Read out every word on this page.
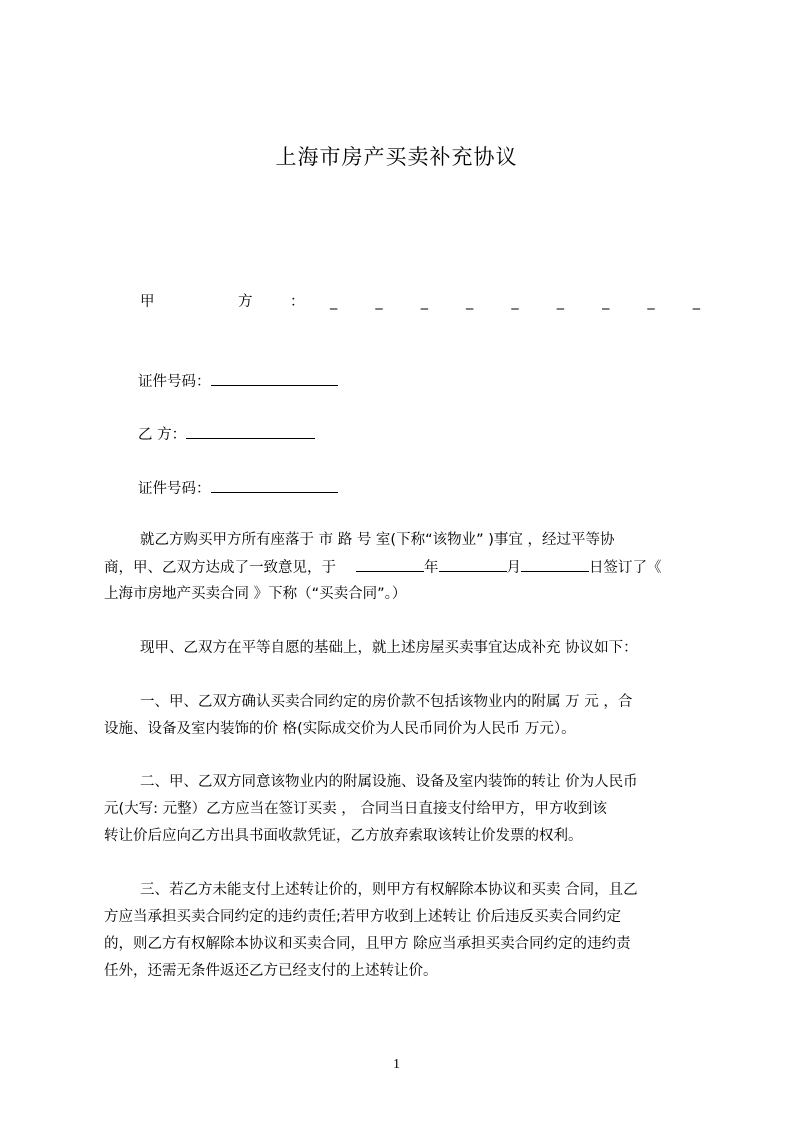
上海市房产买卖补充协议
甲	方	：	_	_	_	_	_	_	_	_	_
证件号码：
乙 方：
证件号码：
就乙方购买甲方所有座落于 市 路 号 室(下称“该物业” )事宜 ，经过平等协
商，甲、乙双方达成了一致意见，于	年	月	日签订了《
上海市房地产买卖合同 》下称（“买卖合同”。）
现甲、乙双方在平等自愿的基础上，就上述房屋买卖事宜达成补充 协议如下：
一、甲、乙双方确认买卖合同约定的房价款不包括该物业内的附属 万 元 ，合
设施、设备及室内装饰的价 格(实际成交价为人民币同价为人民币 万元）。
二、甲、乙双方同意该物业内的附属设施、设备及室内装饰的转让 价为人民币
元(大写: 元整）乙方应当在签订买卖 ， 合同当日直接支付给甲方，甲方收到该
转让价后应向乙方出具书面收款凭证，乙方放弃索取该转让价发票的权利。
三、若乙方未能支付上述转让价的，则甲方有权解除本协议和买卖 合同，且乙
方应当承担买卖合同约定的违约责任;若甲方收到上述转让 价后违反买卖合同约定
的，则乙方有权解除本协议和买卖合同，且甲方 除应当承担买卖合同约定的违约责
任外，还需无条件返还乙方已经支付的上述转让价。
1
